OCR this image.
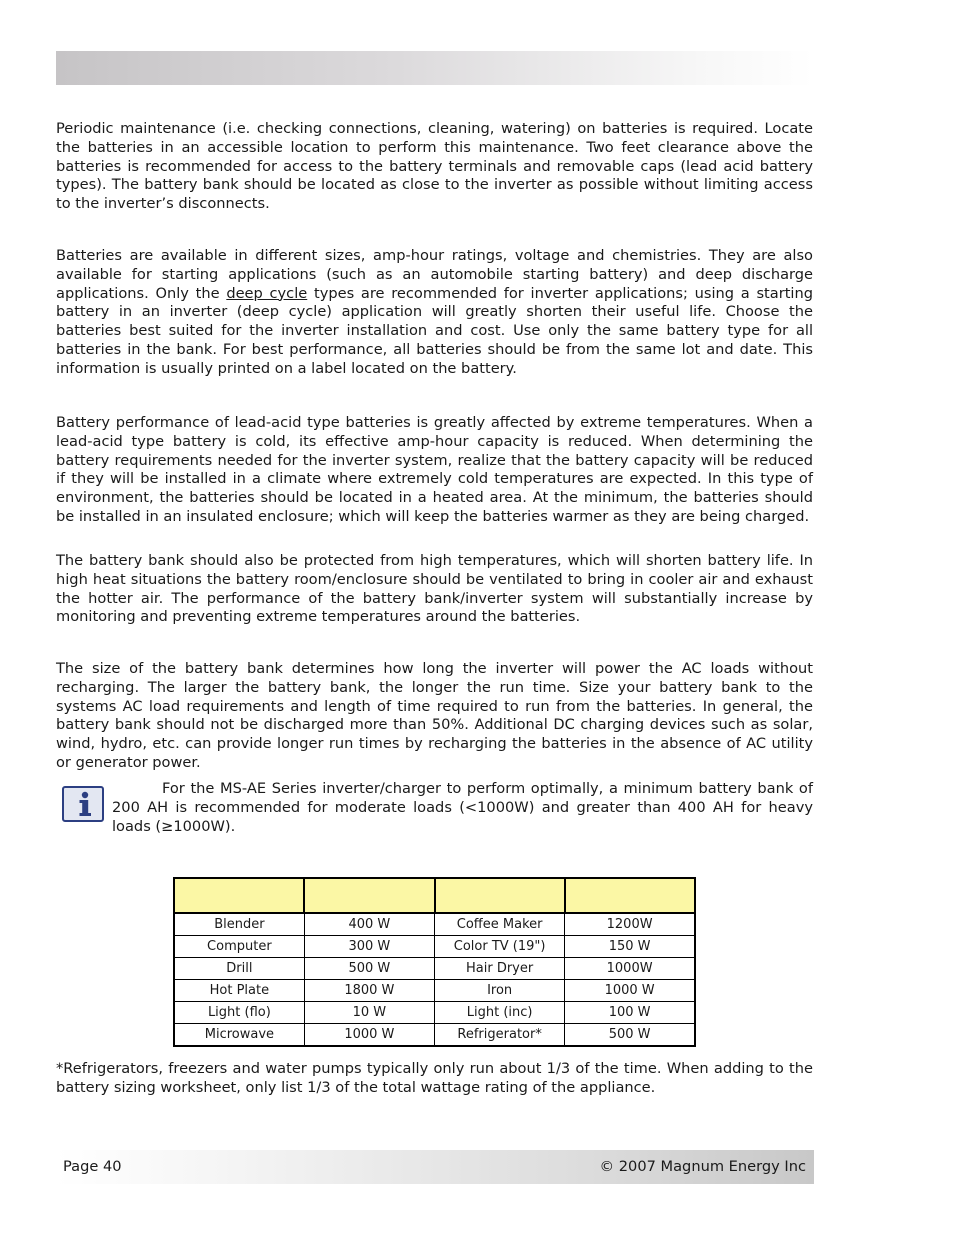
Periodic maintenance (i.e. checking connections, cleaning, watering) on batteries is required. Locate the batteries in an accessible location to perform this maintenance. Two feet clearance above the batteries is recommended for access to the battery terminals and removable caps (lead acid battery types). The battery bank should be located as close to the inverter as possible without limiting access to the inverter’s disconnects.

Batteries are available in different sizes, amp-hour ratings, voltage and chemistries. They are also available for starting applications (such as an automobile starting battery) and deep discharge applications. Only the deep cycle types are recommended for inverter applications; using a starting battery in an inverter (deep cycle) application will greatly shorten their useful life. Choose the batteries best suited for the inverter installation and cost. Use only the same battery type for all batteries in the bank. For best performance, all batteries should be from the same lot and date. This information is usually printed on a label located on the battery.

Battery performance of lead-acid type batteries is greatly affected by extreme temperatures. When a lead-acid type battery is cold, its effective amp-hour capacity is reduced. When determining the battery requirements needed for the inverter system, realize that the battery capacity will be reduced if they will be installed in a climate where extremely cold temperatures are expected. In this type of environment, the batteries should be located in a heated area. At the minimum, the batteries should be installed in an insulated enclosure; which will keep the batteries warmer as they are being charged.

The battery bank should also be protected from high temperatures, which will shorten battery life. In high heat situations the battery room/enclosure should be ventilated to bring in cooler air and exhaust the hotter air. The performance of the battery bank/inverter system will substantially increase by monitoring and preventing extreme temperatures around the batteries.

The size of the battery bank determines how long the inverter will power the AC loads without recharging. The larger the battery bank, the longer the run time. Size your battery bank to the systems AC load requirements and length of time required to run from the batteries. In general, the battery bank should not be discharged more than 50%. Additional DC charging devices such as solar, wind, hydro, etc. can provide longer run times by recharging the batteries in the absence of AC utility or generator power.

For the MS-AE Series inverter/charger to perform optimally, a minimum battery bank of 200 AH is recommended for moderate loads (<1000W) and greater than 400 AH for heavy loads (≥1000W).

Blender	400 W	Coffee Maker	1200W
Computer	300 W	Color TV (19")	150 W
Drill	500 W	Hair Dryer	1000W
Hot Plate	1800 W	Iron	1000 W
Light (flo)	10 W	Light (inc)	100 W
Microwave	1000 W	Refrigerator*	500 W

*Refrigerators, freezers and water pumps typically only run about 1/3 of the time. When adding to the battery sizing worksheet, only list 1/3 of the total wattage rating of the appliance.

Page 40	© 2007 Magnum Energy Inc
